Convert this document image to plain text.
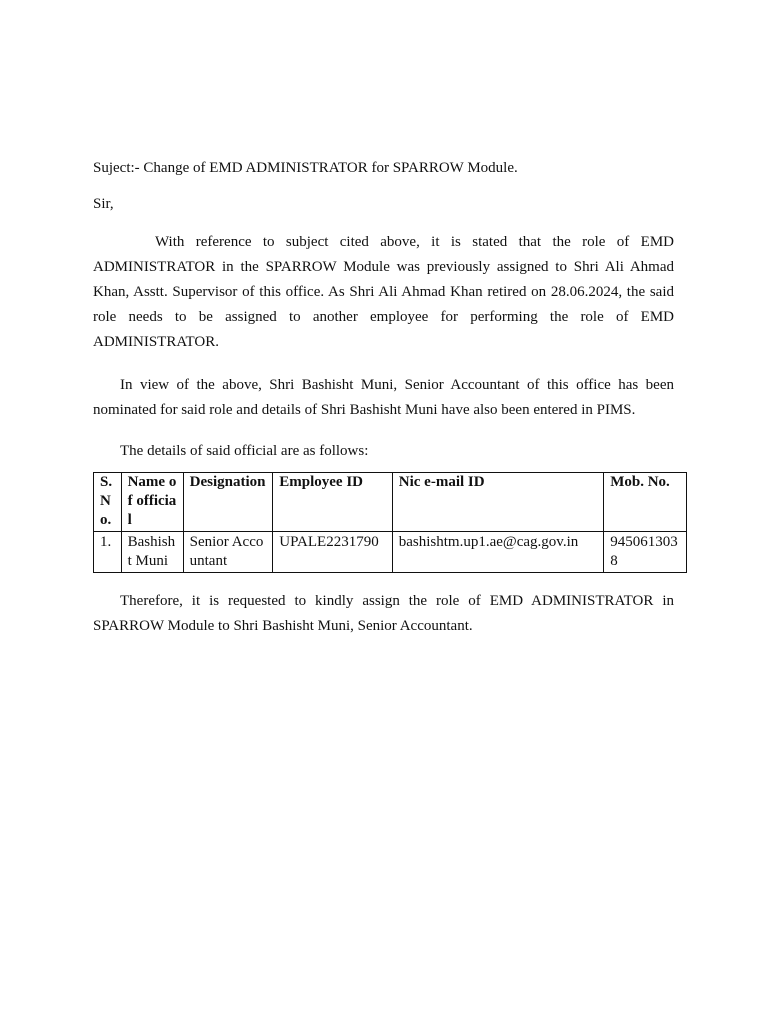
Suject:- Change of EMD ADMINISTRATOR for SPARROW Module.

Sir,

With reference to subject cited above, it is stated that the role of EMD ADMINISTRATOR in the SPARROW Module was previously assigned to Shri Ali Ahmad Khan, Asstt. Supervisor of this office. As Shri Ali Ahmad Khan retired on 28.06.2024, the said role needs to be assigned to another employee for performing the role of EMD ADMINISTRATOR.

In view of the above, Shri Bashisht Muni, Senior Accountant of this office has been nominated for said role and details of Shri Bashisht Muni have also been entered in PIMS.

The details of said official are as follows:

S. No.	Name of official	Designation	Employee ID	Nic e-mail ID	Mob. No.
1.	Bashisht Muni	Senior Accountant	UPALE2231790	bashishtm.up1.ae@cag.gov.in	9450613038

Therefore, it is requested to kindly assign the role of EMD ADMINISTRATOR in SPARROW Module to Shri Bashisht Muni, Senior Accountant.
